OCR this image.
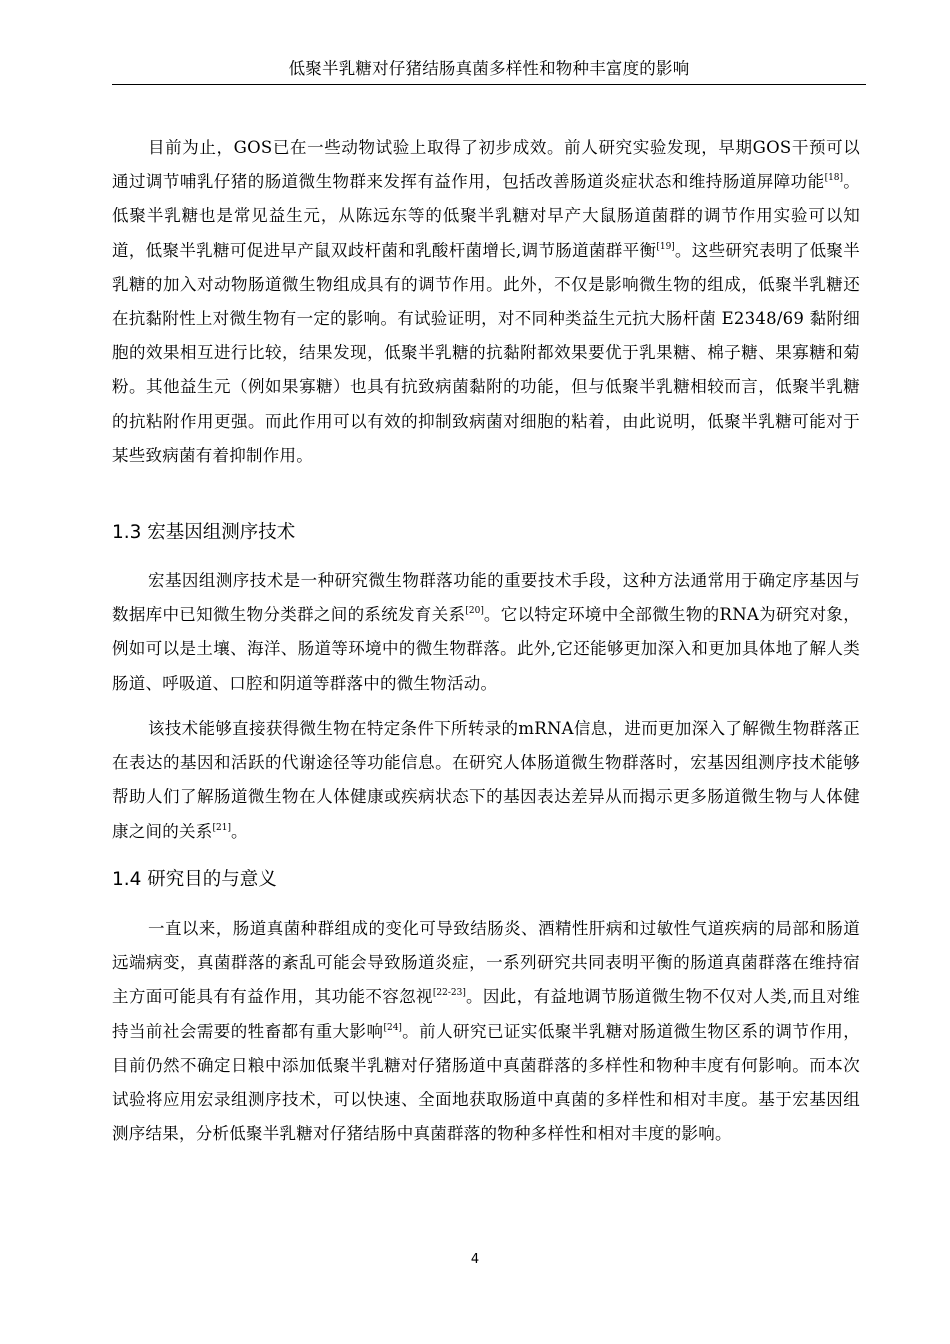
低聚半乳糖对仔猪结肠真菌多样性和物种丰富度的影响

目前为止，GOS已在一些动物试验上取得了初步成效。前人研究实验发现，早期GOS干预可以通过调节哺乳仔猪的肠道微生物群来发挥有益作用，包括改善肠道炎症状态和维持肠道屏障功能[18]。低聚半乳糖也是常见益生元，从陈远东等的低聚半乳糖对早产大鼠肠道菌群的调节作用实验可以知道，低聚半乳糖可促进早产鼠双歧杆菌和乳酸杆菌增长,调节肠道菌群平衡[19]。这些研究表明了低聚半乳糖的加入对动物肠道微生物组成具有的调节作用。此外，不仅是影响微生物的组成，低聚半乳糖还在抗黏附性上对微生物有一定的影响。有试验证明，对不同种类益生元抗大肠杆菌 E2348/69 黏附细胞的效果相互进行比较，结果发现，低聚半乳糖的抗黏附都效果要优于乳果糖、棉子糖、果寡糖和菊粉。其他益生元（例如果寡糖）也具有抗致病菌黏附的功能，但与低聚半乳糖相较而言，低聚半乳糖的抗粘附作用更强。而此作用可以有效的抑制致病菌对细胞的粘着，由此说明，低聚半乳糖可能对于某些致病菌有着抑制作用。

1.3 宏基因组测序技术

宏基因组测序技术是一种研究微生物群落功能的重要技术手段，这种方法通常用于确定序基因与数据库中已知微生物分类群之间的系统发育关系[20]。它以特定环境中全部微生物的RNA为研究对象，例如可以是土壤、海洋、肠道等环境中的微生物群落。此外,它还能够更加深入和更加具体地了解人类肠道、呼吸道、口腔和阴道等群落中的微生物活动。

该技术能够直接获得微生物在特定条件下所转录的mRNA信息，进而更加深入了解微生物群落正在表达的基因和活跃的代谢途径等功能信息。在研究人体肠道微生物群落时，宏基因组测序技术能够帮助人们了解肠道微生物在人体健康或疾病状态下的基因表达差异从而揭示更多肠道微生物与人体健康之间的关系[21]。

1.4 研究目的与意义

一直以来，肠道真菌种群组成的变化可导致结肠炎、酒精性肝病和过敏性气道疾病的局部和肠道远端病变，真菌群落的紊乱可能会导致肠道炎症，一系列研究共同表明平衡的肠道真菌群落在维持宿主方面可能具有有益作用，其功能不容忽视[22-23]。因此，有益地调节肠道微生物不仅对人类,而且对维持当前社会需要的牲畜都有重大影响[24]。前人研究已证实低聚半乳糖对肠道微生物区系的调节作用，目前仍然不确定日粮中添加低聚半乳糖对仔猪肠道中真菌群落的多样性和物种丰度有何影响。而本次试验将应用宏录组测序技术，可以快速、全面地获取肠道中真菌的多样性和相对丰度。基于宏基因组测序结果，分析低聚半乳糖对仔猪结肠中真菌群落的物种多样性和相对丰度的影响。

4
